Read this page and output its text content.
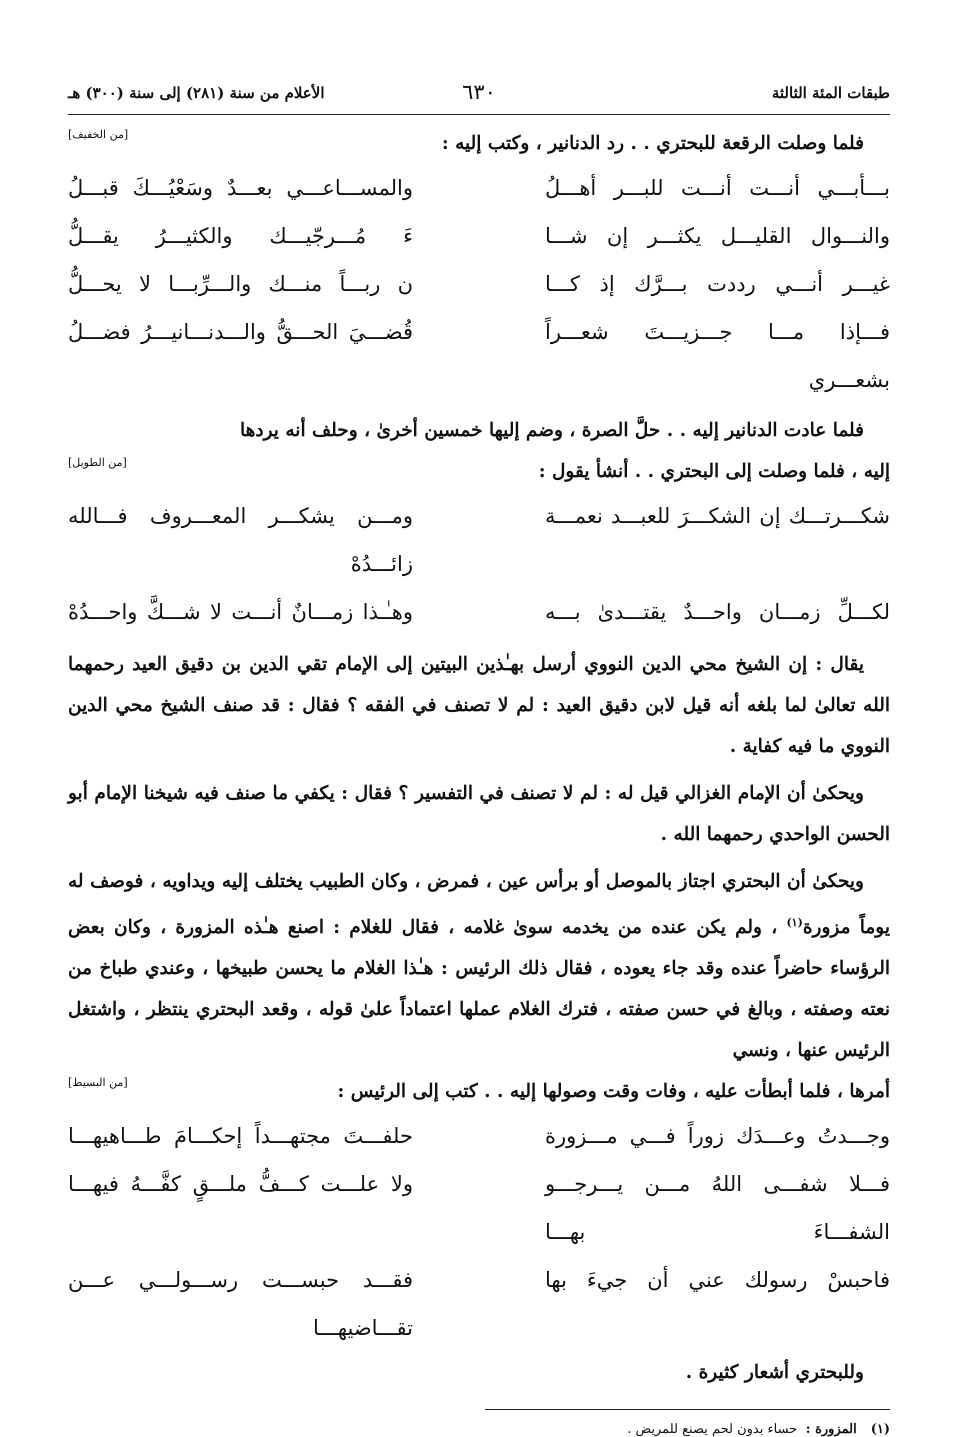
طبقات المئة الثالثة
٦٣٠
الأعلام من سنة (٢٨١) إلى سنة (٣٠٠) هـ

فلما وصلت الرقعة للبحتري . . رد الدنانير ، وكتب إليه :

[من الخفيف]
بـــأبـــي أنـــت أنـــت للبـــر أهـــلُ
والمســـاعـــي بعـــدٌ وسَعْيُـــكَ قبـــلُ
والنـــوال القليـــل يكثـــر إن شـــا
ءَ مُـــرجّيـــك والكثيـــرُ يقـــلُّ
غيـــر أنـــي رددت بـــرَّك إذ كـــا
ن ربـــاً منـــك والـــرِّبـــا لا يحـــلُّ
فـــإذا مـــا جـــزيـــتَ شعـــراً بشعـــري
قُضـــيَ الحـــقُّ والـــدنـــانيـــرُ فضـــلُ

فلما عادت الدنانير إليه . . حلَّ الصرة ، وضم إليها خمسين أخرىٰ ، وحلف أنه يردها

إليه ، فلما وصلت إلى البحتري . . أنشأ يقول :

[من الطويل]
شكـــرتـــك إن الشكـــرَ للعبـــد نعمـــة
ومـــن يشكـــر المعـــروف فـــالله زائـــدُهْ
لكـــلِّ زمـــان واحـــدٌ يقتـــدىٰ بـــه
وهـٰـذا زمـــانٌ أنـــت لا شـــكَّ واحـــدُهْ

يقال : إن الشيخ محي الدين النووي أرسل بهـٰذين البيتين إلى الإمام تقي الدين بن دقيق العيد رحمهما الله تعالىٰ لما بلغه أنه قيل لابن دقيق العيد : لم لا تصنف في الفقه ؟ فقال : قد صنف الشيخ محي الدين النووي ما فيه كفاية .

ويحكىٰ أن الإمام الغزالي قيل له : لم لا تصنف في التفسير ؟ فقال : يكفي ما صنف فيه شيخنا الإمام أبو الحسن الواحدي رحمهما الله .

ويحكىٰ أن البحتري اجتاز بالموصل أو برأس عين ، فمرض ، وكان الطبيب يختلف إليه ويداويه ، فوصف له يوماً مزورة$^{(١)}$ ، ولم يكن عنده من يخدمه سوىٰ غلامه ، فقال للغلام : اصنع هـٰذه المزورة ، وكان بعض الرؤساء حاضراً عنده وقد جاء يعوده ، فقال ذلك الرئيس : هـٰذا الغلام ما يحسن طبيخها ، وعندي طباخ من نعته وصفته ، وبالغ في حسن صفته ، فترك الغلام عملها اعتماداً علىٰ قوله ، وقعد البحتري ينتظر ، واشتغل الرئيس عنها ، ونسي

أمرها ، فلما أبطأت عليه ، وفات وقت وصولها إليه . . كتب إلى الرئيس :

[من البسيط]
وجـــدتُ وعـــدَك زوراً فـــي مـــزورة
حلفـــتَ مجتهـــداً إحكـــامَ طـــاهيهـــا
فـــلا شفـــى اللهُ مـــن يـــرجـــو الشفـــاءَ بهـــا
ولا علـــت كـــفُّ ملـــقٍ كفَّـــهُ فيهـــا
فاحبسْ رسولك عني أن جيءَ بها
فقـــد حبســـت رســـولـــي عـــن تقـــاضيهـــا

وللبحتري أشعار كثيرة .

(١)المزورة : حساء بدون لحم يصنع للمريض .
